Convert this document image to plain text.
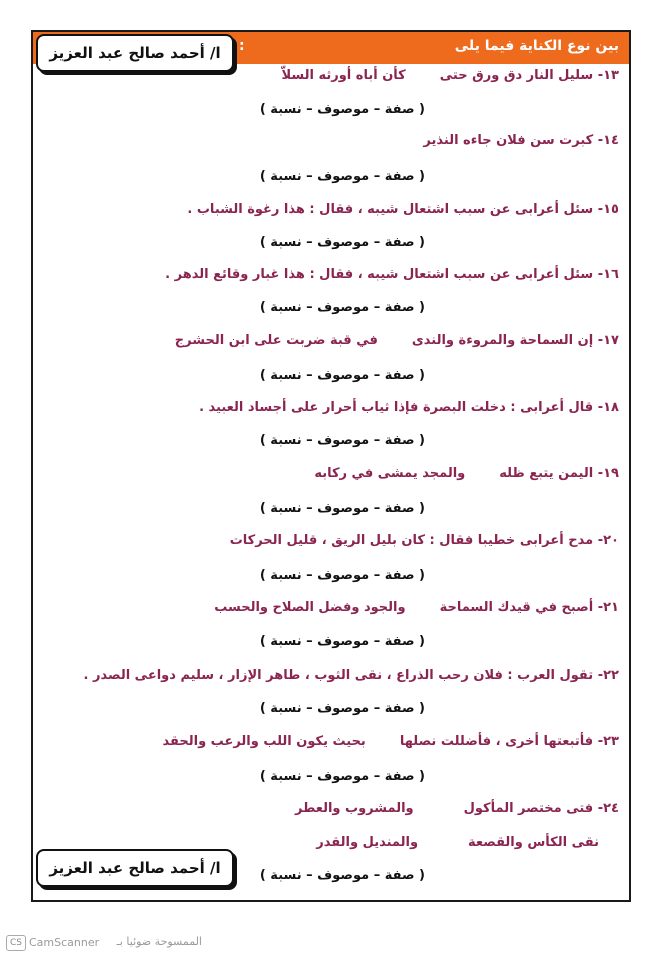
بين نوع الكناية فيما يلى
:
ا/ أحمد صالح عبد العزيز
١٣- سليل النار دق ورق حتىكأن أباه أورثه السلاّ
( صفة – موصوف – نسبة )
١٤- كبرت سن فلان جاءه النذير
( صفة – موصوف – نسبة )
١٥- سئل أعرابى عن سبب اشتعال شيبه ، فقال : هذا رغوة الشباب .
( صفة – موصوف – نسبة )
١٦- سئل أعرابى عن سبب اشتعال شيبه ، فقال : هذا غبار وقائع الدهر .
( صفة – موصوف – نسبة )
١٧- إن السماحة والمروءة والندىفي قبة ضربت على ابن الحشرج
( صفة – موصوف – نسبة )
١٨- قال أعرابى : دخلت البصرة فإذا ثياب أحرار على أجساد العبيد .
( صفة – موصوف – نسبة )
١٩- اليمن يتبع ظلهوالمجد يمشى في ركابه
( صفة – موصوف – نسبة )
٢٠- مدح أعرابى خطيبا فقال : كان بليل الريق ، قليل الحركات
( صفة – موصوف – نسبة )
٢١- أصبح في قيدك السماحةوالجود وفضل الصلاح والحسب
( صفة – موصوف – نسبة )
٢٢- تقول العرب : فلان رحب الذراع ، نقى الثوب ، طاهر الإزار ، سليم دواعى الصدر .
( صفة – موصوف – نسبة )
٢٣- فأتبعتها أخرى ، فأضللت نصلهابحيث يكون اللب والرعب والحقد
( صفة – موصوف – نسبة )
٢٤- فتى مختصر المأكولوالمشروب والعطر
نقى الكأس والقصعةوالمنديل والقدر
( صفة – موصوف – نسبة )
ا/ أحمد صالح عبد العزيز
CS CamScanner	الممسوحة ضوئيا بـ
